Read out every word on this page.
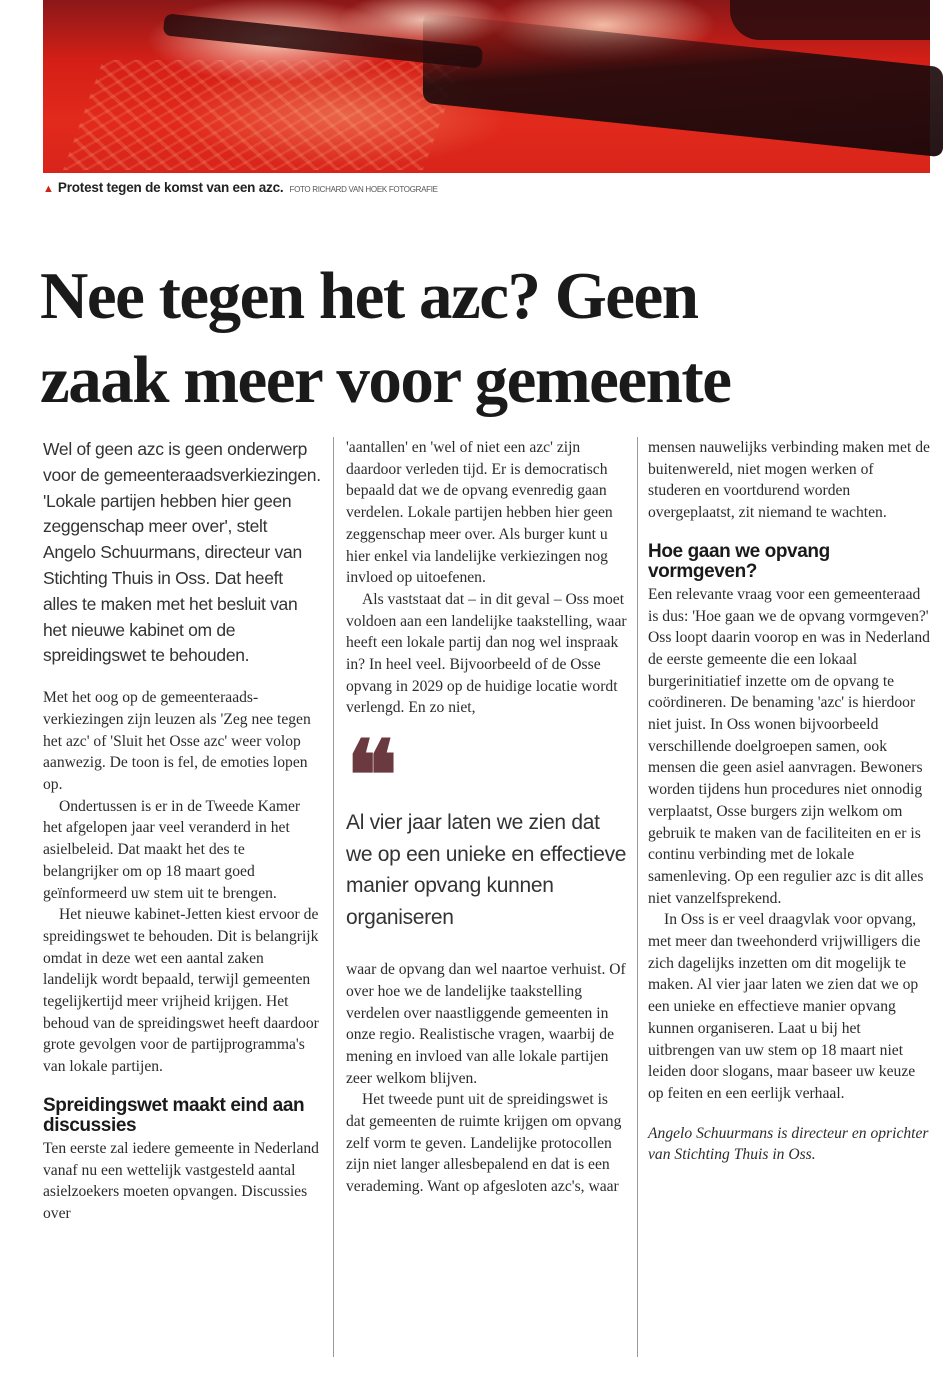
▲ Protest tegen de komst van een azc. FOTO RICHARD VAN HOEK FOTOGRAFIE
Nee tegen het azc? Geen
zaak meer voor gemeente

Wel of geen azc is geen onderwerp voor de gemeenteraadsverkiezingen. 'Lokale partijen hebben hier geen zeggenschap meer over', stelt Angelo Schuurmans, directeur van Stichting Thuis in Oss. Dat heeft alles te maken met het besluit van het nieuwe kabinet om de spreidingswet te behouden.

Met het oog op de gemeenteraadsverkiezingen zijn leuzen als 'Zeg nee tegen het azc' of 'Sluit het Osse azc' weer volop aanwezig. De toon is fel, de emoties lopen op.

Ondertussen is er in de Tweede Kamer het afgelopen jaar veel veranderd in het asielbeleid. Dat maakt het des te belangrijker om op 18 maart goed geïnformeerd uw stem uit te brengen.

Het nieuwe kabinet-Jetten kiest ervoor de spreidingswet te behouden. Dit is belangrijk omdat in deze wet een aantal zaken landelijk wordt bepaald, terwijl gemeenten tegelijkertijd meer vrijheid krijgen. Het behoud van de spreidingswet heeft daardoor grote gevolgen voor de partijprogramma's van lokale partijen.

Spreidingswet maakt eind aan discussies

Ten eerste zal iedere gemeente in Nederland vanaf nu een wettelijk vastgesteld aantal asielzoekers moeten opvangen. Discussies over

'aantallen' en 'wel of niet een azc' zijn daardoor verleden tijd. Er is democratisch bepaald dat we de opvang evenredig gaan verdelen. Lokale partijen hebben hier geen zeggenschap meer over. Als burger kunt u hier enkel via landelijke verkiezingen nog invloed op uitoefenen.

Als vaststaat dat – in dit geval – Oss moet voldoen aan een landelijke taakstelling, waar heeft een lokale partij dan nog wel inspraak in? In heel veel. Bijvoorbeeld of de Osse opvang in 2029 op de huidige locatie wordt verlengd. En zo niet,

❝
Al vier jaar laten we zien dat we op een unieke en effectieve manier opvang kunnen organiseren

waar de opvang dan wel naartoe verhuist. Of over hoe we de landelijke taakstelling verdelen over naastliggende gemeenten in onze regio. Realistische vragen, waarbij de mening en invloed van alle lokale partijen zeer welkom blijven.

Het tweede punt uit de spreidingswet is dat gemeenten de ruimte krijgen om opvang zelf vorm te geven. Landelijke protocollen zijn niet langer allesbepalend en dat is een verademing. Want op afgesloten azc's, waar

mensen nauwelijks verbinding maken met de buitenwereld, niet mogen werken of studeren en voortdurend worden overgeplaatst, zit niemand te wachten.

Hoe gaan we opvang vormgeven?

Een relevante vraag voor een gemeenteraad is dus: 'Hoe gaan we de opvang vormgeven?' Oss loopt daarin voorop en was in Nederland de eerste gemeente die een lokaal burgerinitiatief inzette om de opvang te coördineren. De benaming 'azc' is hierdoor niet juist. In Oss wonen bijvoorbeeld verschillende doelgroepen samen, ook mensen die geen asiel aanvragen. Bewoners worden tijdens hun procedures niet onnodig verplaatst, Osse burgers zijn welkom om gebruik te maken van de faciliteiten en er is continu verbinding met de lokale samenleving. Op een regulier azc is dit alles niet vanzelfsprekend.

In Oss is er veel draagvlak voor opvang, met meer dan tweehonderd vrijwilligers die zich dagelijks inzetten om dit mogelijk te maken. Al vier jaar laten we zien dat we op een unieke en effectieve manier opvang kunnen organiseren. Laat u bij het uitbrengen van uw stem op 18 maart niet leiden door slogans, maar baseer uw keuze op feiten en een eerlijk verhaal.

Angelo Schuurmans is directeur en oprichter van Stichting Thuis in Oss.
